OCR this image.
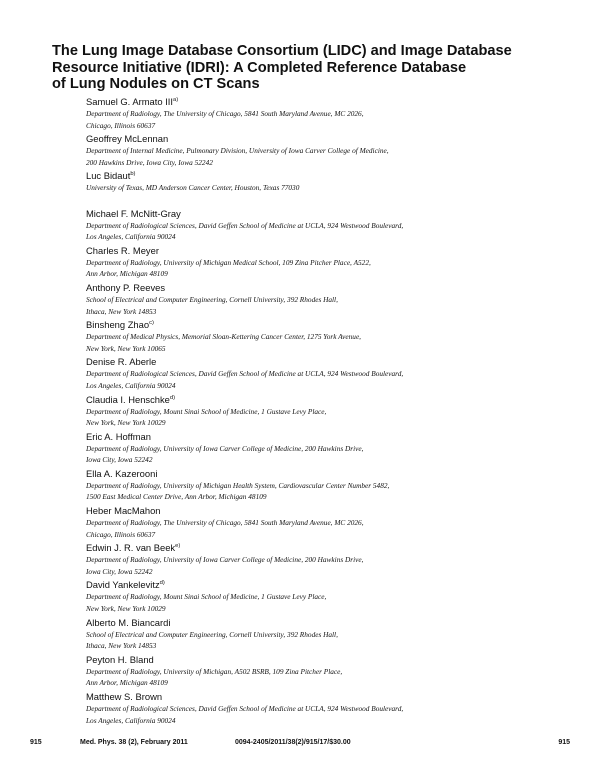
The Lung Image Database Consortium (LIDC) and Image Database
Resource Initiative (IDRI): A Completed Reference Database
of Lung Nodules on CT Scans
Samuel G. Armato III$^{a)}$
Department of Radiology, The University of Chicago, 5841 South Maryland Avenue, MC 2026,
Chicago, Illinois 60637
Geoffrey McLennan
Department of Internal Medicine, Pulmonary Division, University of Iowa Carver College of Medicine,
200 Hawkins Drive, Iowa City, Iowa 52242
Luc Bidaut$^{b)}$
University of Texas, MD Anderson Cancer Center, Houston, Texas 77030
Michael F. McNitt-Gray
Department of Radiological Sciences, David Geffen School of Medicine at UCLA, 924 Westwood Boulevard,
Los Angeles, California 90024
Charles R. Meyer
Department of Radiology, University of Michigan Medical School, 109 Zina Pitcher Place, A522,
Ann Arbor, Michigan 48109
Anthony P. Reeves
School of Electrical and Computer Engineering, Cornell University, 392 Rhodes Hall,
Ithaca, New York 14853
Binsheng Zhao$^{c)}$
Department of Medical Physics, Memorial Sloan-Kettering Cancer Center, 1275 York Avenue,
New York, New York 10065
Denise R. Aberle
Department of Radiological Sciences, David Geffen School of Medicine at UCLA, 924 Westwood Boulevard,
Los Angeles, California 90024
Claudia I. Henschke$^{d)}$
Department of Radiology, Mount Sinai School of Medicine, 1 Gustave Levy Place,
New York, New York 10029
Eric A. Hoffman
Department of Radiology, University of Iowa Carver College of Medicine, 200 Hawkins Drive,
Iowa City, Iowa 52242
Ella A. Kazerooni
Department of Radiology, University of Michigan Health System, Cardiovascular Center Number 5482,
1500 East Medical Center Drive, Ann Arbor, Michigan 48109
Heber MacMahon
Department of Radiology, The University of Chicago, 5841 South Maryland Avenue, MC 2026,
Chicago, Illinois 60637
Edwin J. R. van Beek$^{e)}$
Department of Radiology, University of Iowa Carver College of Medicine, 200 Hawkins Drive,
Iowa City, Iowa 52242
David Yankelevitz$^{d)}$
Department of Radiology, Mount Sinai School of Medicine, 1 Gustave Levy Place,
New York, New York 10029
Alberto M. Biancardi
School of Electrical and Computer Engineering, Cornell University, 392 Rhodes Hall,
Ithaca, New York 14853
Peyton H. Bland
Department of Radiology, University of Michigan, A502 BSRB, 109 Zina Pitcher Place,
Ann Arbor, Michigan 48109
Matthew S. Brown
Department of Radiological Sciences, David Geffen School of Medicine at UCLA, 924 Westwood Boulevard,
Los Angeles, California 90024
915	Med. Phys. 38 (2), February 2011	0094-2405/2011/38(2)/915/17/$30.00	915
